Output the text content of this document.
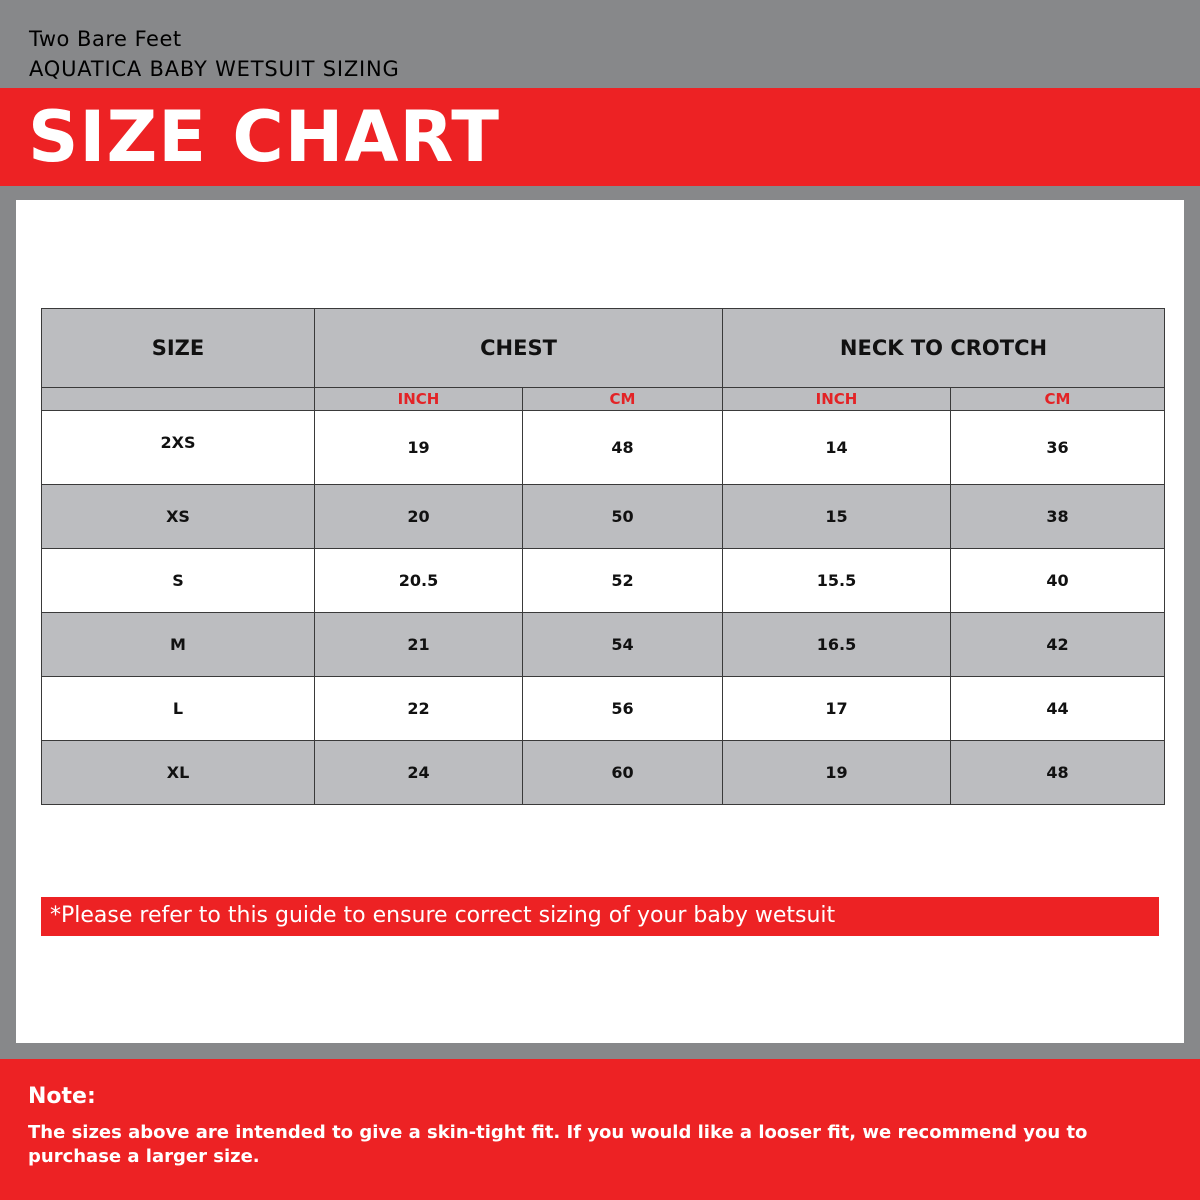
Two Bare Feet
AQUATICA BABY WETSUIT SIZING
SIZE CHART
SIZE	CHEST		NECK TO CROTCH	
	INCH	CM	INCH	CM
2XS	19	48	14	36
XS	20	50	15	38
S	20.5	52	15.5	40
M	21	54	16.5	42
L	22	56	17	44
XL	24	60	19	48
*Please refer to this guide to ensure correct sizing of your baby wetsuit
Note:
The sizes above are intended to give a skin-tight fit. If you would like a looser fit, we recommend you to purchase a larger size.
